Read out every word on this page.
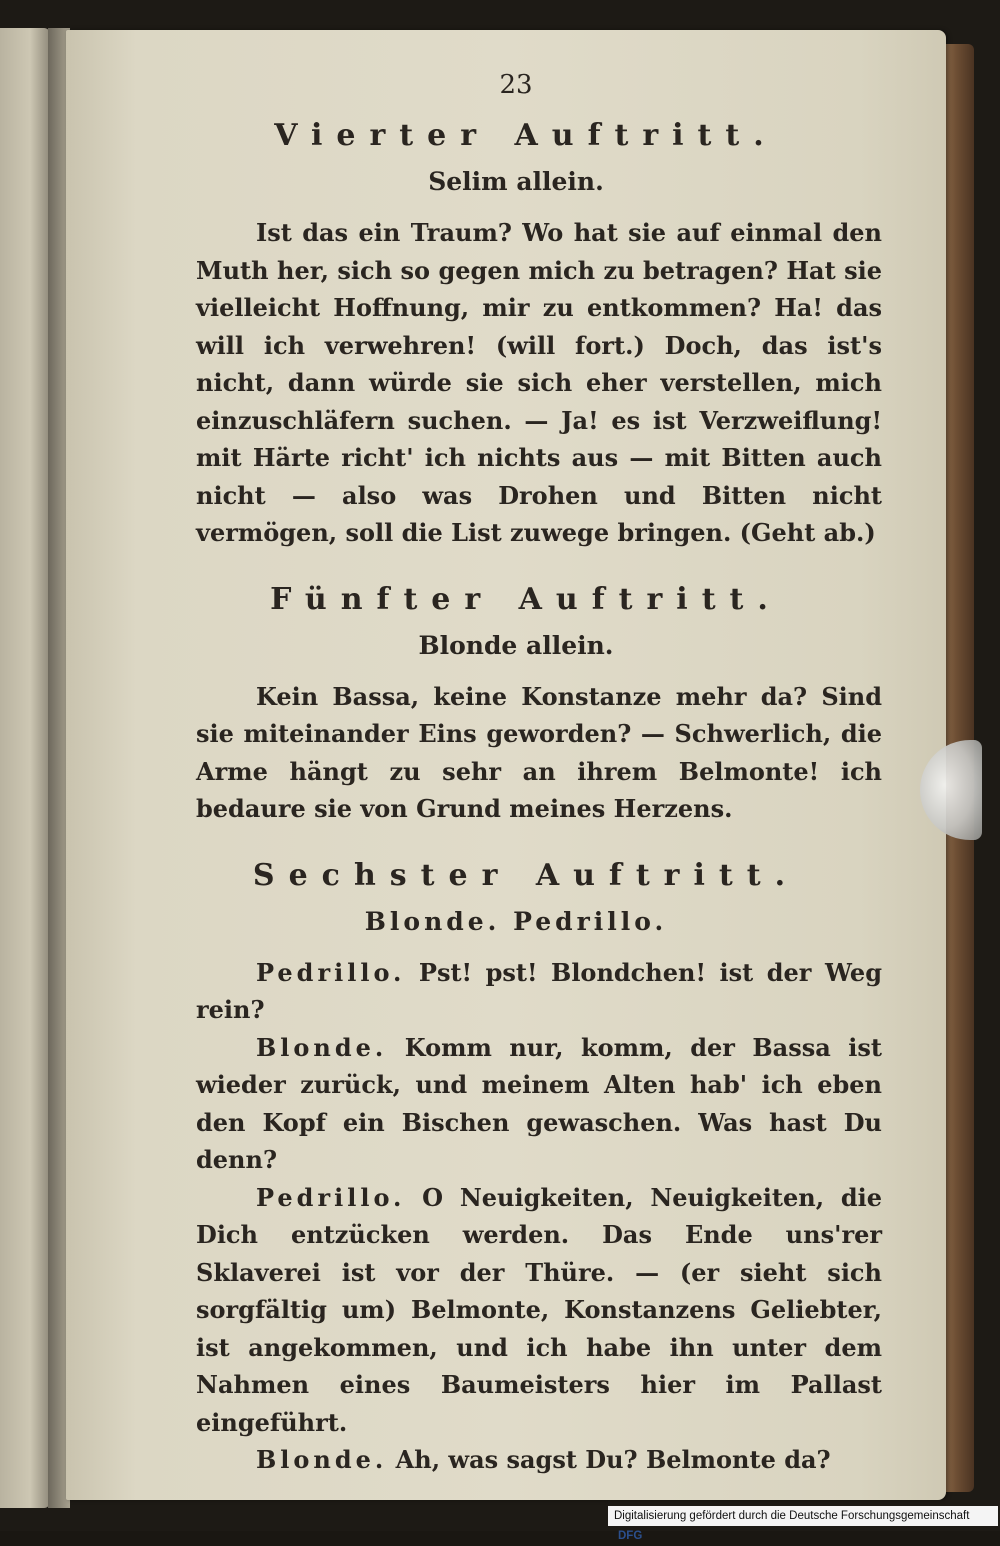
23
Vierter Auftritt.
Selim allein.

Ist das ein Traum? Wo hat sie auf einmal den Muth her, sich so gegen mich zu betragen? Hat sie vielleicht Hoffnung, mir zu entkommen? Ha! das will ich verwehren! (will fort.) Doch, das ist's nicht, dann würde sie sich eher verstellen, mich einzuschläfern suchen. — Ja! es ist Verzweiflung! mit Härte richt' ich nichts aus — mit Bitten auch nicht — also was Drohen und Bitten nicht vermögen, soll die List zuwege bringen. (Geht ab.)

Fünfter Auftritt.
Blonde allein.

Kein Bassa, keine Konstanze mehr da? Sind sie miteinander Eins geworden? — Schwerlich, die Arme hängt zu sehr an ihrem Belmonte! ich bedaure sie von Grund meines Herzens.

Sechster Auftritt.
Blonde. Pedrillo.

Pedrillo. Pst! pst! Blondchen! ist der Weg rein?

Blonde. Komm nur, komm, der Bassa ist wieder zurück, und meinem Alten hab' ich eben den Kopf ein Bischen gewaschen. Was hast Du denn?

Pedrillo. O Neuigkeiten, Neuigkeiten, die Dich entzücken werden. Das Ende uns'rer Sklaverei ist vor der Thüre. — (er sieht sich sorgfältig um) Belmonte, Konstanzens Geliebter, ist angekommen, und ich habe ihn unter dem Nahmen eines Baumeisters hier im Pallast eingeführt.

Blonde. Ah, was sagst Du? Belmonte da?

Digitalisierung gefördert durch die Deutsche Forschungsgemeinschaft DFG
